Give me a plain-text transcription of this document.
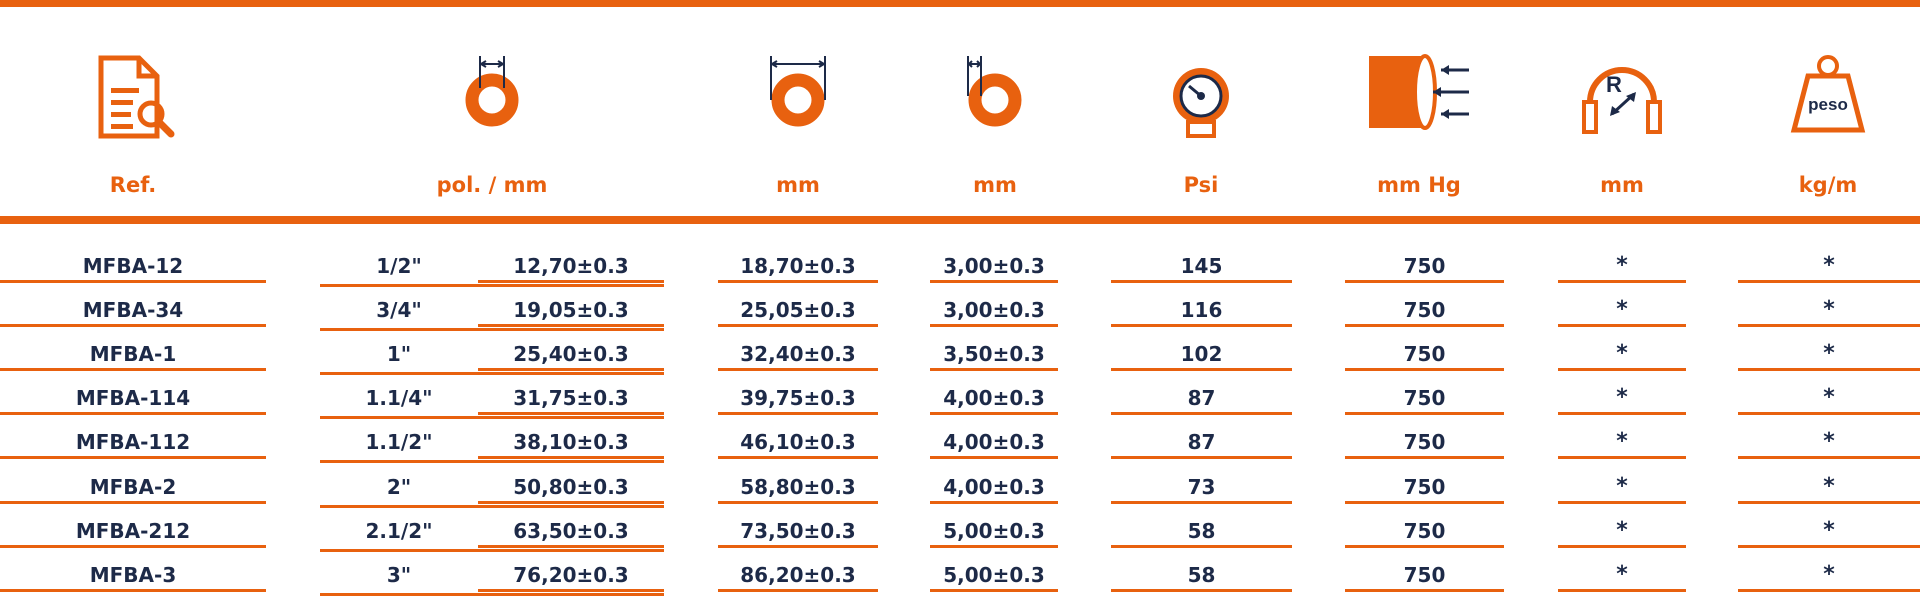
R
peso
Ref.	pol. / mm	mm	mm	Psi	mm Hg	mm	kg/m
MFBA-12	1/2"	12,70±0.3	18,70±0.3	3,00±0.3	145	750	*	*
MFBA-34	3/4"	19,05±0.3	25,05±0.3	3,00±0.3	116	750	*	*
MFBA-1	1"	25,40±0.3	32,40±0.3	3,50±0.3	102	750	*	*
MFBA-114	1.1/4"	31,75±0.3	39,75±0.3	4,00±0.3	87	750	*	*
MFBA-112	1.1/2"	38,10±0.3	46,10±0.3	4,00±0.3	87	750	*	*
MFBA-2	2"	50,80±0.3	58,80±0.3	4,00±0.3	73	750	*	*
MFBA-212	2.1/2"	63,50±0.3	73,50±0.3	5,00±0.3	58	750	*	*
MFBA-3	3"	76,20±0.3	86,20±0.3	5,00±0.3	58	750	*	*
